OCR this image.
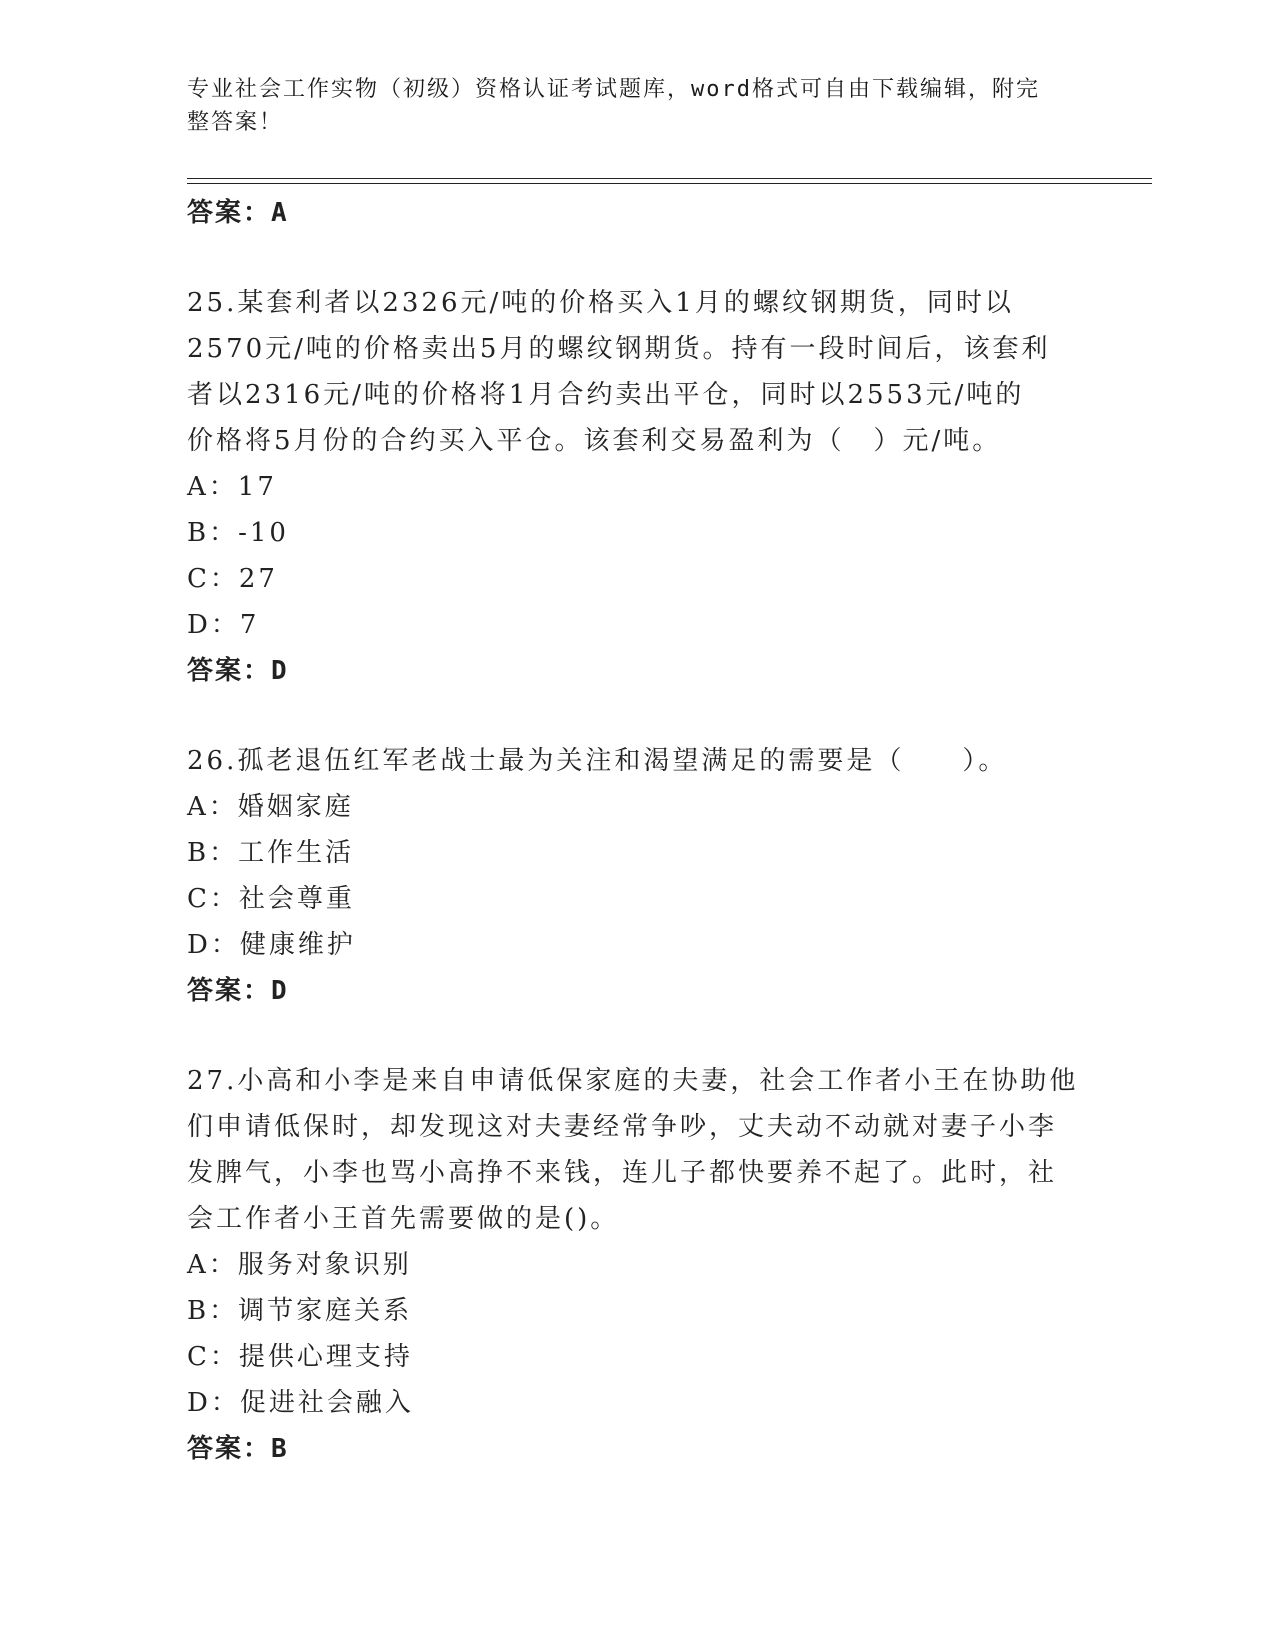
专业社会工作实物（初级）资格认证考试题库，word格式可自由下载编辑，附完
整答案！
答案：A
25.某套利者以2326元/吨的价格买入1月的螺纹钢期货，同时以
2570元/吨的价格卖出5月的螺纹钢期货。持有一段时间后，该套利
者以2316元/吨的价格将1月合约卖出平仓，同时以2553元/吨的
价格将5月份的合约买入平仓。该套利交易盈利为（　）元/吨。
A：17
B：-10
C：27
D：7
答案：D
26.孤老退伍红军老战士最为关注和渴望满足的需要是（　　）。
A：婚姻家庭
B：工作生活
C：社会尊重
D：健康维护
答案：D
27.小高和小李是来自申请低保家庭的夫妻，社会工作者小王在协助他
们申请低保时，却发现这对夫妻经常争吵，丈夫动不动就对妻子小李
发脾气，小李也骂小高挣不来钱，连儿子都快要养不起了。此时，社
会工作者小王首先需要做的是()。
A：服务对象识别
B：调节家庭关系
C：提供心理支持
D：促进社会融入
答案：B
